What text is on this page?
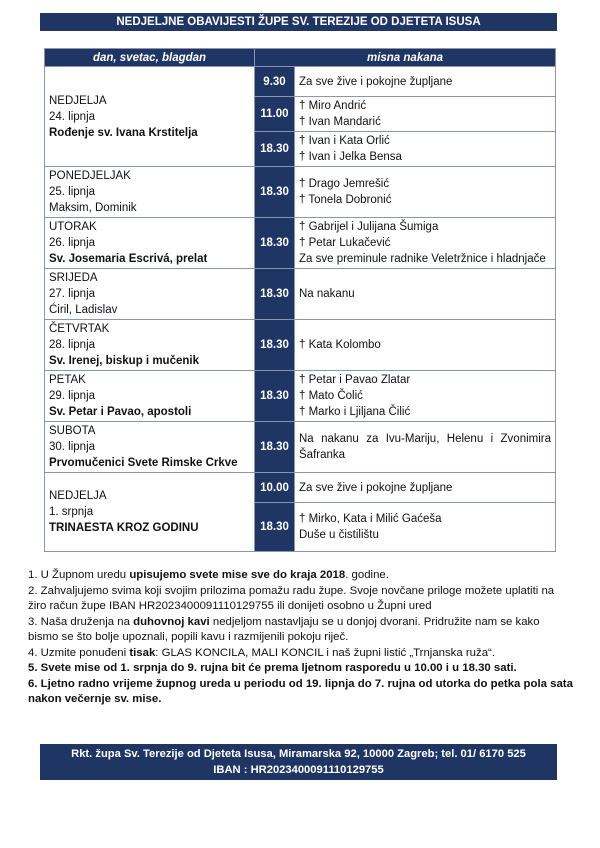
NEDJELJNE OBAVIJESTI ŽUPE SV. TEREZIJE OD DJETETA ISUSA
dan, svetac, blagdan	misna nakana	

NEDJELJA
24. lipnja
Rođenje sv. Ivana Krstitelja	9.30	Za sve žive i pokojne župljane

	11.00	† Miro Andrić
† Ivan Mandarić

	18.30	† Ivan i Kata Orlić
† Ivan i Jelka Bensa

PONEDJELJAK
25. lipnja
Maksim, Dominik	18.30	† Drago Jemrešić
† Tonela Dobronić

UTORAK
26. lipnja
Sv. Josemaria Escrivá, prelat	18.30	† Gabrijel i Julijana Šumiga
† Petar Lukačević
Za sve preminule radnike Veletržnice i hladnjače

SRIJEDA
27. lipnja
Ćiril, Ladislav	18.30	Na nakanu

ČETVRTAK
28. lipnja
Sv. Irenej, biskup i mučenik	18.30	† Kata Kolombo

PETAK
29. lipnja
Sv. Petar i Pavao, apostoli	18.30	† Petar i Pavao Zlatar
† Mato Čolić
† Marko i Ljiljana Čilić

SUBOTA
30. lipnja
Prvomučenici Svete Rimske Crkve	18.30	Na nakanu za Ivu-Mariju, Helenu i Zvonimira Šafranka

NEDJELJA
1. srpnja
TRINAESTA KROZ GODINU	10.00	Za sve žive i pokojne župljane

	18.30	† Mirko, Kata i Milić Gaćeša
Duše u čistilištu

1. U Župnom uredu upisujemo svete mise sve do kraja 2018. godine.

2. Zahvaljujemo svima koji svojim prilozima pomažu radu župe. Svoje novčane priloge možete uplatiti na žiro račun župe IBAN HR2023400091110129755 ili donijeti osobno u Župni ured

3. Naša druženja na duhovnoj kavi nedjeljom nastavljaju se u donjoj dvorani. Pridružite nam se kako bismo se što bolje upoznali, popili kavu i razmijenili pokoju riječ.

4. Uzmite ponuđeni tisak: GLAS KONCILA, MALI KONCIL i naš župni listić „Trnjanska ruža“.

5. Svete mise od 1. srpnja do 9. rujna bit će prema ljetnom rasporedu u 10.00 i u 18.30 sati.

6. Ljetno radno vrijeme župnog ureda u periodu od 19. lipnja do 7. rujna od utorka do petka pola sata nakon večernje sv. mise.

Rkt. župa Sv. Terezije od Djeteta Isusa, Miramarska 92, 10000 Zagreb; tel. 01/ 6170 525
IBAN : HR2023400091110129755
